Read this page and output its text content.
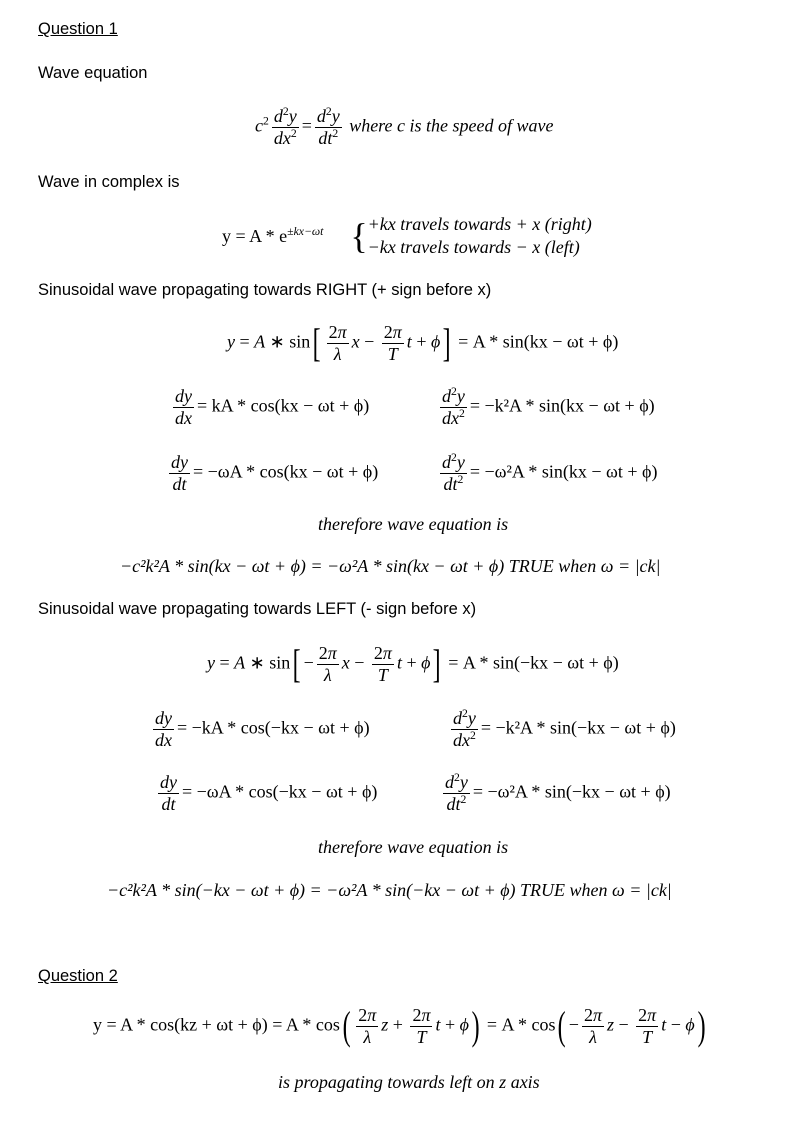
Question 1
Wave equation
$c^2 \frac{d^2y}{dx^2} = \frac{d^2y}{dt^2}$ where c is the speed of wave
Wave in complex is
$y = A * e^{\pm kx-\omega t}$ { +kx travels towards + x (right)
−kx travels towards − x (left)
Sinusoidal wave propagating towards RIGHT (+ sign before x)
y = A ∗ $\sin[ \frac{2\pi}{\lambda}$ $x - \frac{2\pi}{T}$ t + ϕ] = A * sin(kx − ωt + ϕ)
$\frac{dy}{dx}$ = kA * cos(kx − ωt + ϕ)	$\frac{d^2y}{dx^2} = -k^2A * \sin(kx - \omega t + \phi)$
$\frac{dy}{dt} = -\omega A * \cos(kx - \omega t + \phi)$	$\frac{d^2y}{dt^2} = -\omega^2A * \sin(kx - \omega t + \phi)$
therefore wave equation is
−c²k²A * sin(kx − ωt + ϕ) = −ω²A * sin(kx − ωt + ϕ) TRUE when ω = |ck|
Sinusoidal wave propagating towards LEFT (- sign before x)
y = A ∗ $\sin[ - \frac{2\pi}{\lambda}$ $x - \frac{2\pi}{T}$ t + ϕ] = A * sin(−kx − ωt + ϕ)
$\frac{dy}{dx} = -kA * \cos(-kx - \omega t + \phi)$	$\frac{d^2y}{dx^2} = -k^2A * \sin(-kx - \omega t + \phi)$
$\frac{dy}{dt} = -\omega A * \cos(-kx - \omega t + \phi)$	$\frac{d^2y}{dt^2} = -\omega^2A * \sin(-kx - \omega t + \phi)$
therefore wave equation is
−c²k²A * sin(−kx − ωt + ϕ) = −ω²A * sin(−kx − ωt + ϕ) TRUE when ω = |ck|
Question 2
$y = A * \cos(kz + \omega t + \phi) = A * \cos( \frac{2\pi}{\lambda}$ $z + \frac{2\pi}{T}$ $t + \phi) = A * \cos( - \frac{2\pi}{\lambda}$ $z - \frac{2\pi}{T}$ t − ϕ)
is propagating towards left on z axis
